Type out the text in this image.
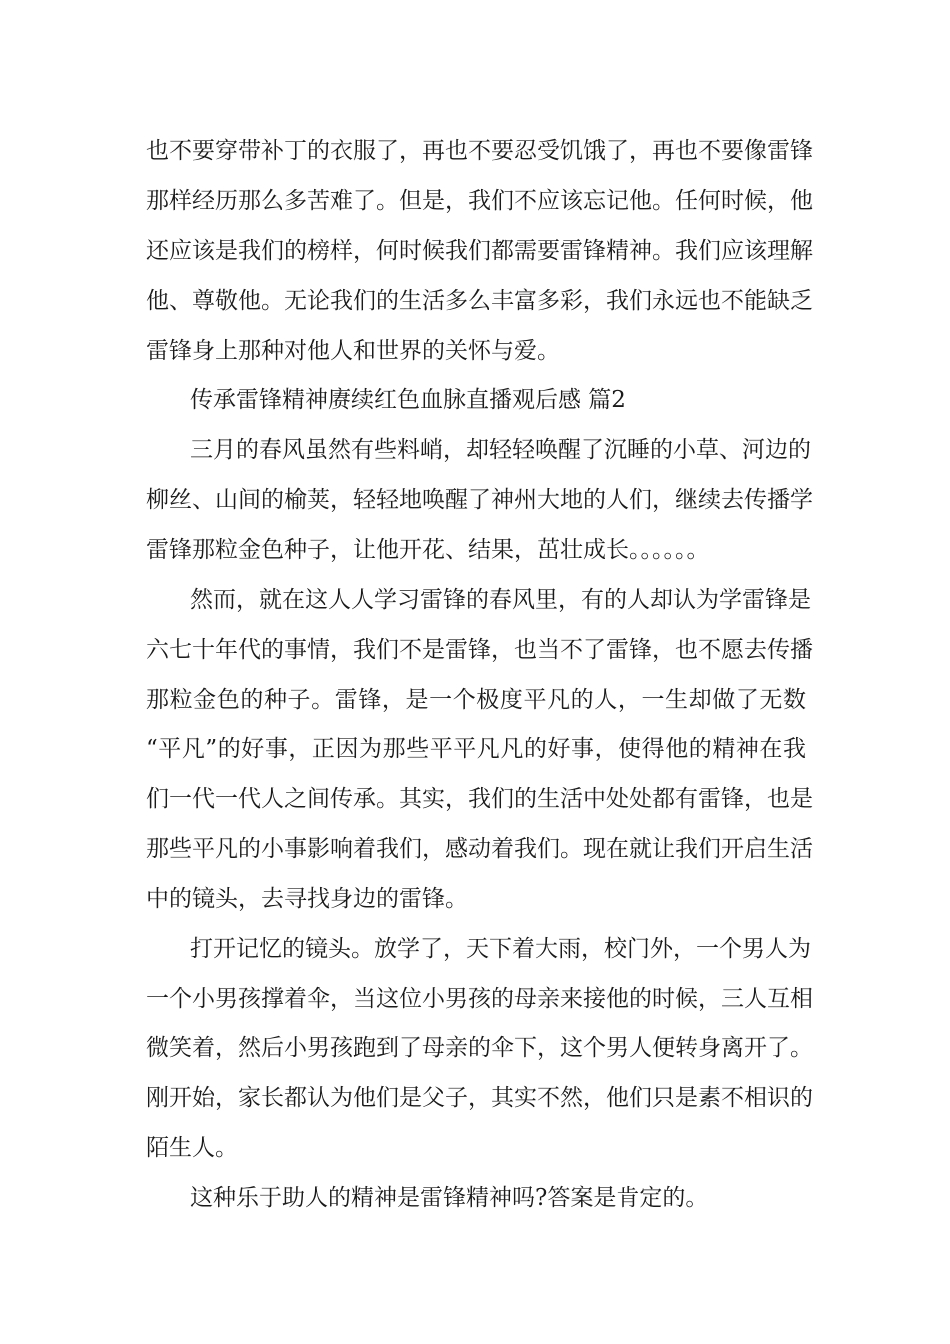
也不要穿带补丁的衣服了，再也不要忍受饥饿了，再也不要像雷锋
那样经历那么多苦难了。但是，我们不应该忘记他。任何时候，他
还应该是我们的榜样，何时候我们都需要雷锋精神。我们应该理解
他、尊敬他。无论我们的生活多么丰富多彩，我们永远也不能缺乏
雷锋身上那种对他人和世界的关怀与爱。
传承雷锋精神赓续红色血脉直播观后感 篇2
三月的春风虽然有些料峭，却轻轻唤醒了沉睡的小草、河边的
柳丝、山间的榆荚，轻轻地唤醒了神州大地的人们，继续去传播学
雷锋那粒金色种子，让他开花、结果，茁壮成长。。。。。。
然而，就在这人人学习雷锋的春风里，有的人却认为学雷锋是
六七十年代的事情，我们不是雷锋，也当不了雷锋，也不愿去传播
那粒金色的种子。雷锋，是一个极度平凡的人，一生却做了无数
“平凡”的好事，正因为那些平平凡凡的好事，使得他的精神在我
们一代一代人之间传承。其实，我们的生活中处处都有雷锋，也是
那些平凡的小事影响着我们，感动着我们。现在就让我们开启生活
中的镜头，去寻找身边的雷锋。
打开记忆的镜头。放学了，天下着大雨，校门外，一个男人为
一个小男孩撑着伞，当这位小男孩的母亲来接他的时候，三人互相
微笑着，然后小男孩跑到了母亲的伞下，这个男人便转身离开了。
刚开始，家长都认为他们是父子，其实不然，他们只是素不相识的
陌生人。
这种乐于助人的精神是雷锋精神吗?答案是肯定的。
